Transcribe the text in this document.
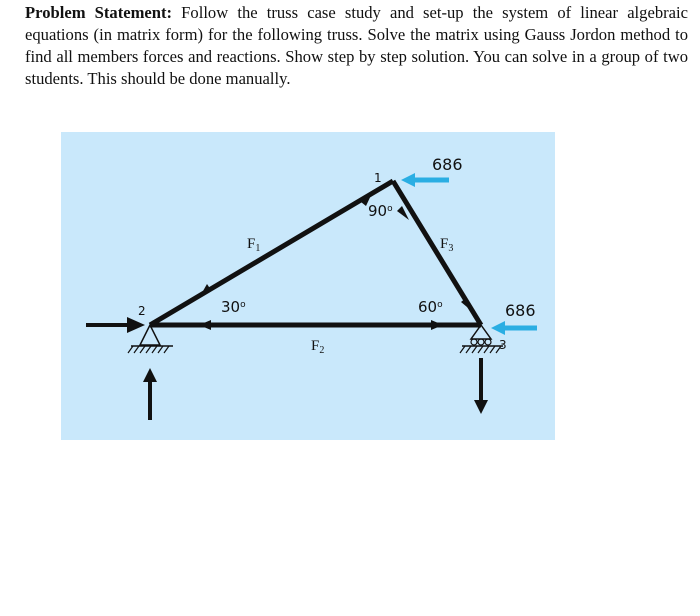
Problem Statement: Follow the truss case study and set-up the system of linear algebraic equations (in matrix form) for the following truss. Solve the matrix using Gauss Jordon method to find all members forces and reactions. Show step by step solution. You can solve in a group of two students. This should be done manually.
1
2
3
686
686
90$^o$
30$^o$	60$^o$
$F_1$
$F_2$
$F_3$
